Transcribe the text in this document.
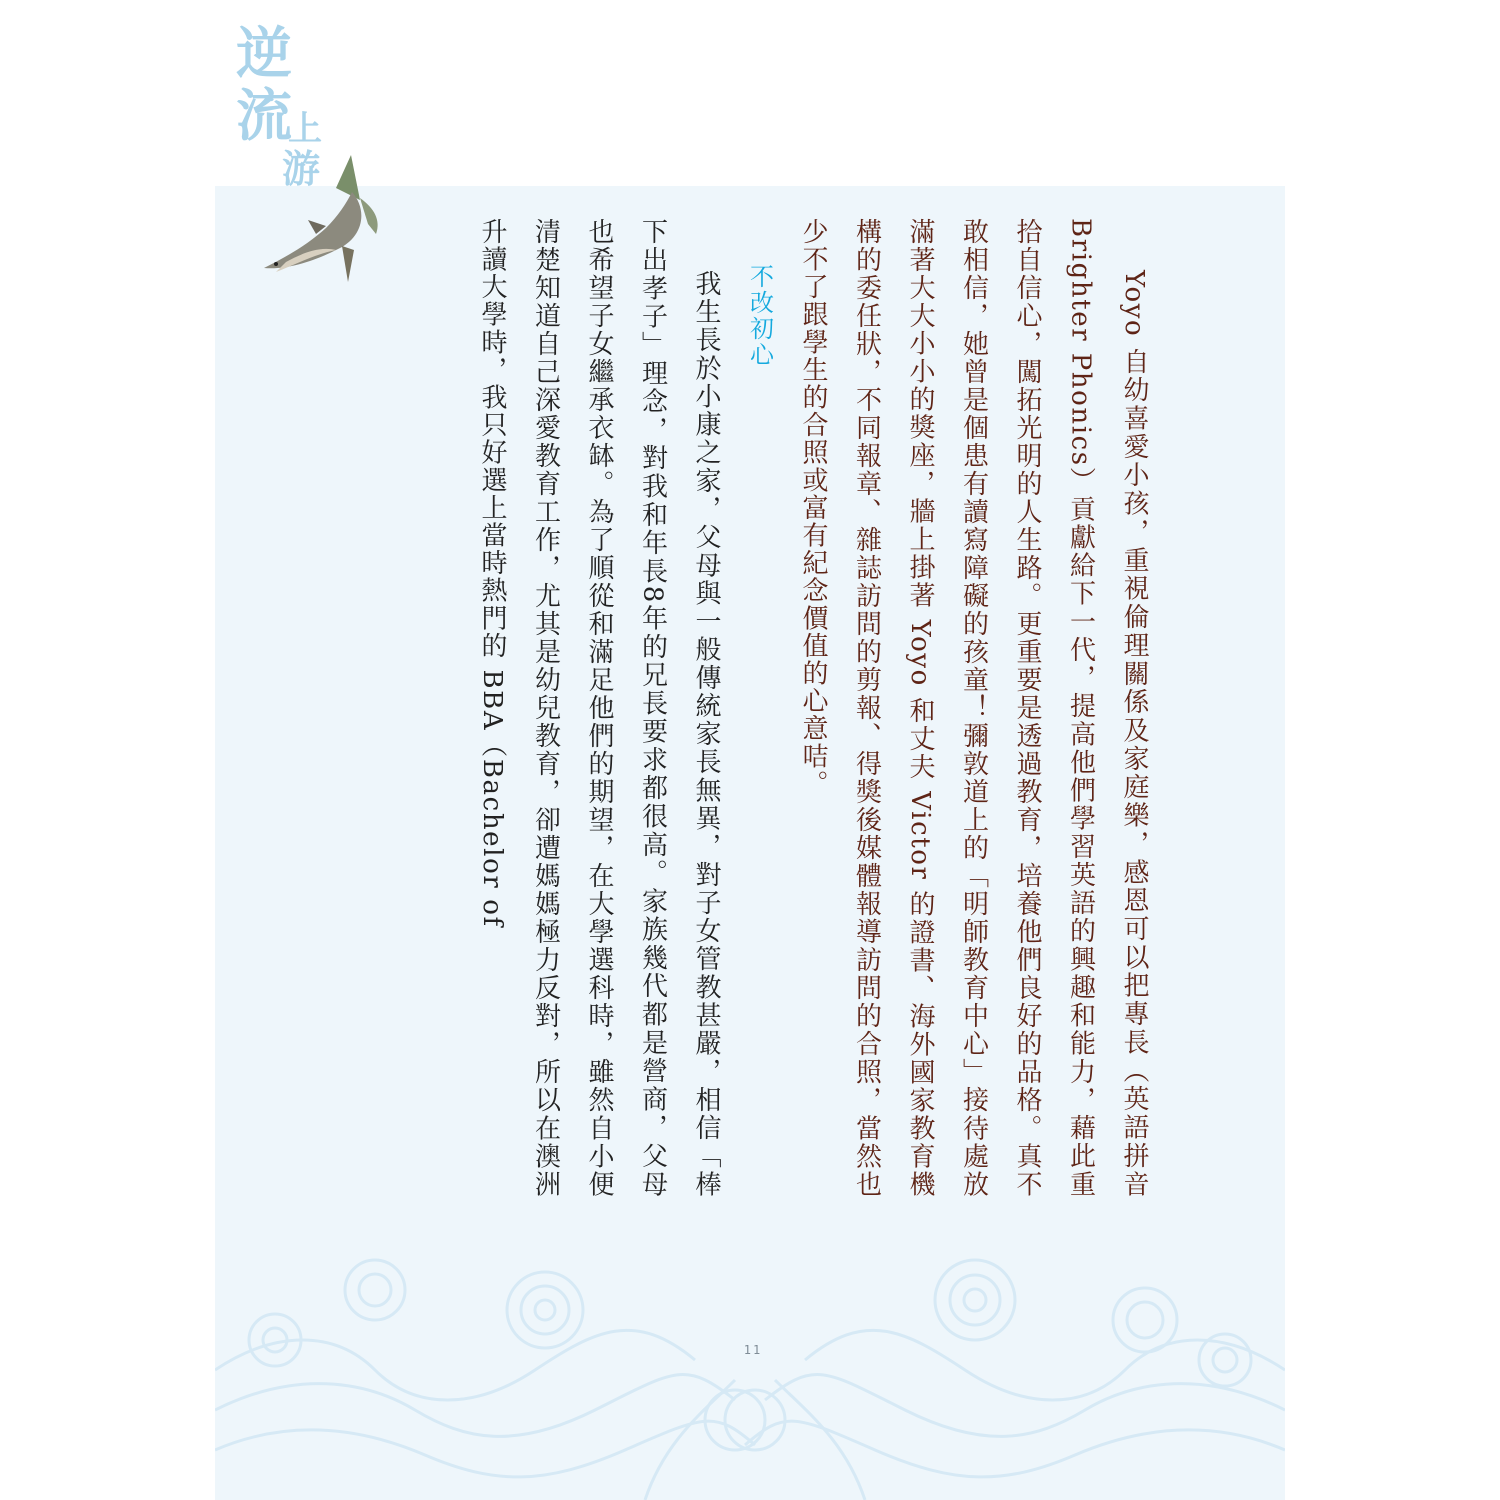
逆
流
上
游

Yoyo 自幼喜愛小孩，重視倫理關係及家庭樂，感恩可以把專長（英語拼音 Brighter Phonics）貢獻給下一代，提高他們學習英語的興趣和能力，藉此重拾自信心，闖拓光明的人生路。更重要是透過教育，培養他們良好的品格。真不敢相信，她曾是個患有讀寫障礙的孩童！彌敦道上的「明師教育中心」接待處放滿著大大小小的獎座，牆上掛著 Yoyo 和丈夫 Victor 的證書、海外國家教育機構的委任狀，不同報章、雜誌訪問的剪報、得獎後媒體報導訪問的合照，當然也少不了跟學生的合照或富有紀念價值的心意咭。

不改初心

我生長於小康之家，父母與一般傳統家長無異，對子女管教甚嚴，相信「棒下出孝子」理念，對我和年長8年的兄長要求都很高。家族幾代都是營商，父母也希望子女繼承衣缽。為了順從和滿足他們的期望，在大學選科時，雖然自小便清楚知道自己深愛教育工作，尤其是幼兒教育，卻遭媽媽極力反對，所以在澳洲升讀大學時，我只好選上當時熱門的 BBA（Bachelor of

11
